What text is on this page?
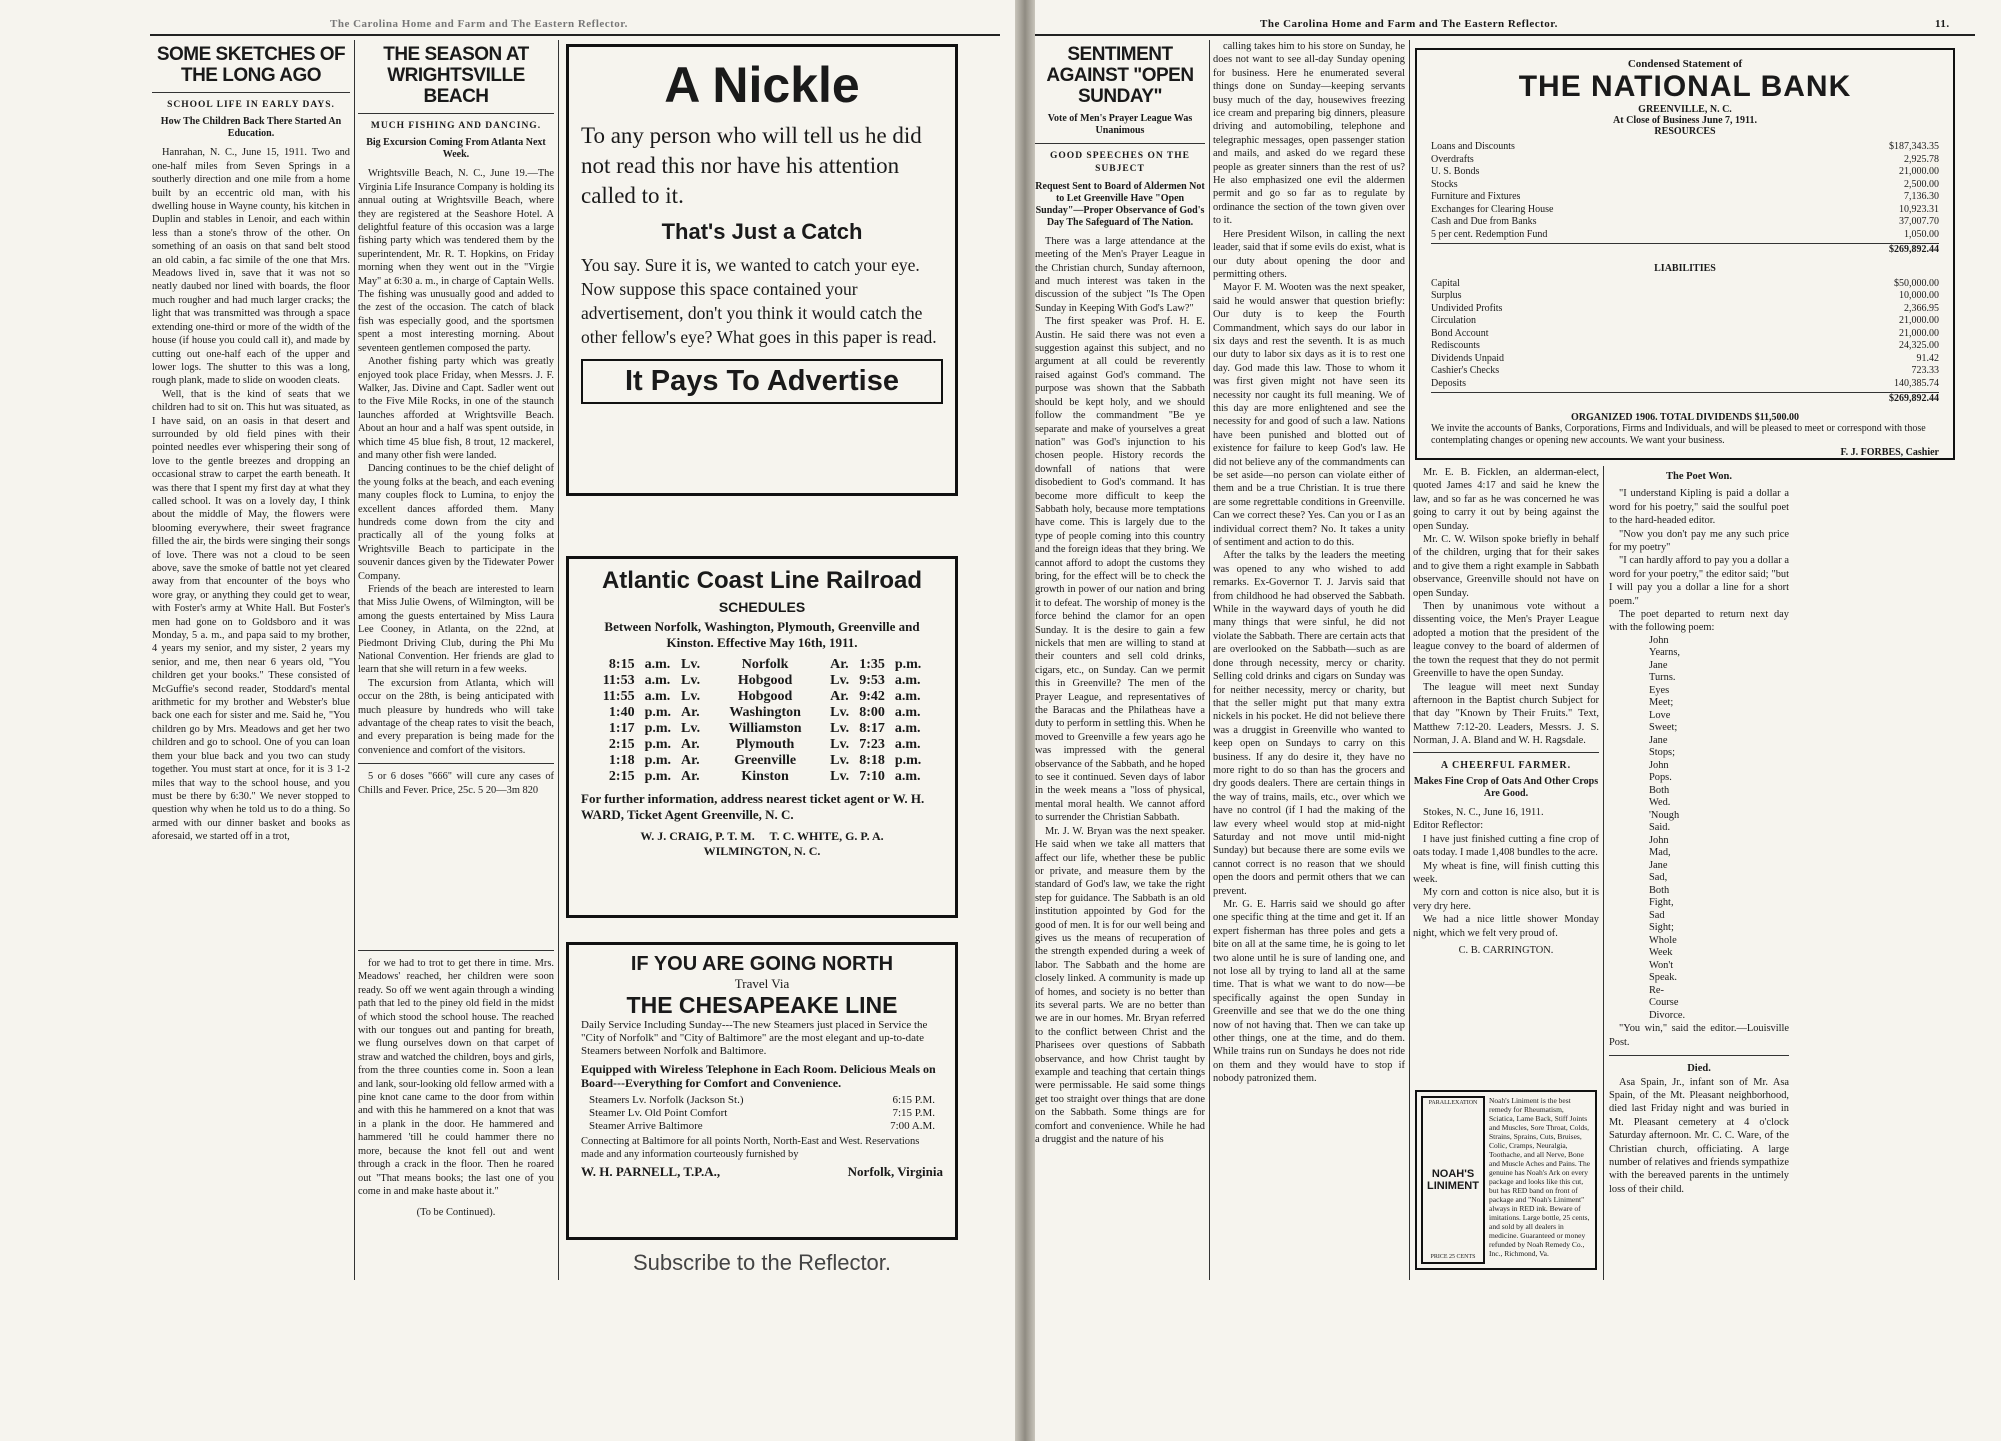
The Carolina Home and Farm and The Eastern Reflector.
SOME SKETCHES OF THE LONG AGO
SCHOOL LIFE IN EARLY DAYS.
How The Children Back There Started An Education.

Hanrahan, N. C., June 15, 1911. Two and one-half miles from Seven Springs in a southerly direction and one mile from a home built by an eccentric old man, with his dwelling house in Wayne county, his kitchen in Duplin and stables in Lenoir, and each within less than a stone's throw of the other. On something of an oasis on that sand belt stood an old cabin, a fac simile of the one that Mrs. Meadows lived in, save that it was not so neatly daubed nor lined with boards, the floor much rougher and had much larger cracks; the light that was transmitted was through a space extending one-third or more of the width of the house (if house you could call it), and made by cutting out one-half each of the upper and lower logs. The shutter to this was a long, rough plank, made to slide on wooden cleats.

Well, that is the kind of seats that we children had to sit on. This hut was situated, as I have said, on an oasis in that desert and surrounded by old field pines with their pointed needles ever whispering their song of love to the gentle breezes and dropping an occasional straw to carpet the earth beneath. It was there that I spent my first day at what they called school. It was on a lovely day, I think about the middle of May, the flowers were blooming everywhere, their sweet fragrance filled the air, the birds were singing their songs of love. There was not a cloud to be seen above, save the smoke of battle not yet cleared away from that encounter of the boys who wore gray, or anything they could get to wear, with Foster's army at White Hall. But Foster's men had gone on to Goldsboro and it was Monday, 5 a. m., and papa said to my brother, 4 years my senior, and my sister, 2 years my senior, and me, then near 6 years old, "You children get your books." These consisted of McGuffie's second reader, Stoddard's mental arithmetic for my brother and Webster's blue back one each for sister and me. Said he, "You children go by Mrs. Meadows and get her two children and go to school. One of you can loan them your blue back and you two can study together. You must start at once, for it is 3 1-2 miles that way to the school house, and you must be there by 6:30." We never stopped to question why when he told us to do a thing. So armed with our dinner basket and books as aforesaid, we started off in a trot,

THE SEASON AT WRIGHTSVILLE BEACH
MUCH FISHING AND DANCING.
Big Excursion Coming From Atlanta Next Week.

Wrightsville Beach, N. C., June 19.—The Virginia Life Insurance Company is holding its annual outing at Wrightsville Beach, where they are registered at the Seashore Hotel. A delightful feature of this occasion was a large fishing party which was tendered them by the superintendent, Mr. R. T. Hopkins, on Friday morning when they went out in the "Virgie May" at 6:30 a. m., in charge of Captain Wells. The fishing was unusually good and added to the zest of the occasion. The catch of black fish was especially good, and the sportsmen spent a most interesting morning. About seventeen gentlemen composed the party.

Another fishing party which was greatly enjoyed took place Friday, when Messrs. J. F. Walker, Jas. Divine and Capt. Sadler went out to the Five Mile Rocks, in one of the staunch launches afforded at Wrightsville Beach. About an hour and a half was spent outside, in which time 45 blue fish, 8 trout, 12 mackerel, and many other fish were landed.

Dancing continues to be the chief delight of the young folks at the beach, and each evening many couples flock to Lumina, to enjoy the excellent dances afforded them. Many hundreds come down from the city and practically all of the young folks at Wrightsville Beach to participate in the souvenir dances given by the Tidewater Power Company.

Friends of the beach are interested to learn that Miss Julie Owens, of Wilmington, will be among the guests entertained by Miss Laura Lee Cooney, in Atlanta, on the 22nd, at Piedmont Driving Club, during the Phi Mu National Convention. Her friends are glad to learn that she will return in a few weeks.

The excursion from Atlanta, which will occur on the 28th, is being anticipated with much pleasure by hundreds who will take advantage of the cheap rates to visit the beach, and every preparation is being made for the convenience and comfort of the visitors.

5 or 6 doses "666" will cure any cases of Chills and Fever. Price, 25c. 5 20—3m 820

for we had to trot to get there in time. Mrs. Meadows' reached, her children were soon ready. So off we went again through a winding path that led to the piney old field in the midst of which stood the school house. The reached with our tongues out and panting for breath, we flung ourselves down on that carpet of straw and watched the children, boys and girls, from the three counties come in. Soon a lean and lank, sour-looking old fellow armed with a pine knot cane came to the door from within and with this he hammered on a knot that was in a plank in the door. He hammered and hammered 'till he could hammer there no more, because the knot fell out and went through a crack in the floor. Then he roared out "That means books; the last one of you come in and make haste about it."

(To be Continued).
A Nickle
To any person who will tell us he did not read this nor have his attention called to it.
That's Just a Catch
You say. Sure it is, we wanted to catch your eye. Now suppose this space contained your advertisement, don't you think it would catch the other fellow's eye? What goes in this paper is read.
It Pays To Advertise
Atlantic Coast Line Railroad
SCHEDULES
Between Norfolk, Washington, Plymouth, Greenville and Kinston. Effective May 16th, 1911.
8:15	a.m.	Lv.	Norfolk	Ar.	1:35	p.m.
11:53	a.m.	Lv.	Hobgood	Lv.	9:53	a.m.
11:55	a.m.	Lv.	Hobgood	Ar.	9:42	a.m.
1:40	p.m.	Ar.	Washington	Lv.	8:00	a.m.
1:17	p.m.	Lv.	Williamston	Lv.	8:17	a.m.
2:15	p.m.	Ar.	Plymouth	Lv.	7:23	a.m.
1:18	p.m.	Ar.	Greenville	Lv.	8:18	p.m.
2:15	p.m.	Ar.	Kinston	Lv.	7:10	a.m.
For further information, address nearest ticket agent or W. H. WARD, Ticket Agent Greenville, N. C.
W. J. CRAIG, P. T. M.     T. C. WHITE, G. P. A.
WILMINGTON, N. C.
IF YOU ARE GOING NORTH
Travel Via
THE CHESAPEAKE LINE
Daily Service Including Sunday---The new Steamers just placed in Service the "City of Norfolk" and "City of Baltimore" are the most elegant and up-to-date Steamers between Norfolk and Baltimore.
Equipped with Wireless Telephone in Each Room. Delicious Meals on Board---Everything for Comfort and Convenience.
Steamers Lv. Norfolk (Jackson St.)	6:15 P.M.
Steamer Lv. Old Point Comfort	7:15 P.M.
Steamer Arrive Baltimore	7:00 A.M.
Connecting at Baltimore for all points North, North-East and West. Reservations made and any information courteously furnished by
W. H. PARNELL, T.P.A.,	Norfolk, Virginia
Subscribe to the Reflector.
The Carolina Home and Farm and The Eastern Reflector.	11.
SENTIMENT AGAINST "OPEN SUNDAY"
Vote of Men's Prayer League Was Unanimous
GOOD SPEECHES ON THE SUBJECT
Request Sent to Board of Aldermen Not to Let Greenville Have "Open Sunday"—Proper Observance of God's Day The Safeguard of The Nation.

There was a large attendance at the meeting of the Men's Prayer League in the Christian church, Sunday afternoon, and much interest was taken in the discussion of the subject "Is The Open Sunday in Keeping With God's Law?"

The first speaker was Prof. H. E. Austin. He said there was not even a suggestion against this subject, and no argument at all could be reverently raised against God's command. The purpose was shown that the Sabbath should be kept holy, and we should follow the commandment "Be ye separate and make of yourselves a great nation" was God's injunction to his chosen people. History records the downfall of nations that were disobedient to God's command. It has become more difficult to keep the Sabbath holy, because more temptations have come. This is largely due to the type of people coming into this country and the foreign ideas that they bring. We cannot afford to adopt the customs they bring, for the effect will be to check the growth in power of our nation and bring it to defeat. The worship of money is the force behind the clamor for an open Sunday. It is the desire to gain a few nickels that men are willing to stand at their counters and sell cold drinks, cigars, etc., on Sunday. Can we permit this in Greenville? The men of the Prayer League, and representatives of the Baracas and the Philatheas have a duty to perform in settling this. When he moved to Greenville a few years ago he was impressed with the general observance of the Sabbath, and he hoped to see it continued. Seven days of labor in the week means a "loss of physical, mental moral health. We cannot afford to surrender the Christian Sabbath.

Mr. J. W. Bryan was the next speaker. He said when we take all matters that affect our life, whether these be public or private, and measure them by the standard of God's law, we take the right step for guidance. The Sabbath is an old institution appointed by God for the good of men. It is for our well being and gives us the means of recuperation of the strength expended during a week of labor. The Sabbath and the home are closely linked. A community is made up of homes, and society is no better than its several parts. We are no better than we are in our homes. Mr. Bryan referred to the conflict between Christ and the Pharisees over questions of Sabbath observance, and how Christ taught by example and teaching that certain things were permissable. He said some things get too straight over things that are done on the Sabbath. Some things are for comfort and convenience. While he had a druggist and the nature of his

calling takes him to his store on Sunday, he does not want to see all-day Sunday opening for business. Here he enumerated several things done on Sunday—keeping servants busy much of the day, housewives freezing ice cream and preparing big dinners, pleasure driving and automobiling, telephone and telegraphic messages, open passenger station and mails, and asked do we regard these people as greater sinners than the rest of us? He also emphasized one evil the aldermen permit and go so far as to regulate by ordinance the section of the town given over to it.

Here President Wilson, in calling the next leader, said that if some evils do exist, what is our duty about opening the door and permitting others.

Mayor F. M. Wooten was the next speaker, said he would answer that question briefly: Our duty is to keep the Fourth Commandment, which says do our labor in six days and rest the seventh. It is as much our duty to labor six days as it is to rest one day. God made this law. Those to whom it was first given might not have seen its necessity nor caught its full meaning. We of this day are more enlightened and see the necessity for and good of such a law. Nations have been punished and blotted out of existence for failure to keep God's law. He did not believe any of the commandments can be set aside—no person can violate either of them and be a true Christian. It is true there are some regrettable conditions in Greenville. Can we correct these? Yes. Can you or I as an individual correct them? No. It takes a unity of sentiment and action to do this.

After the talks by the leaders the meeting was opened to any who wished to add remarks. Ex-Governor T. J. Jarvis said that from childhood he had observed the Sabbath. While in the wayward days of youth he did many things that were sinful, he did not violate the Sabbath. There are certain acts that are overlooked on the Sabbath—such as are done through necessity, mercy or charity. Selling cold drinks and cigars on Sunday was for neither necessity, mercy or charity, but that the seller might put that many extra nickels in his pocket. He did not believe there was a druggist in Greenville who wanted to keep open on Sundays to carry on this business. If any do desire it, they have no more right to do so than has the grocers and dry goods dealers. There are certain things in the way of trains, mails, etc., over which we have no control (if I had the making of the law every wheel would stop at mid-night Saturday and not move until mid-night Sunday) but because there are some evils we cannot correct is no reason that we should open the doors and permit others that we can prevent.

Mr. G. E. Harris said we should go after one specific thing at the time and get it. If an expert fisherman has three poles and gets a bite on all at the same time, he is going to let two alone until he is sure of landing one, and not lose all by trying to land all at the same time. That is what we want to do now—be specifically against the open Sunday in Greenville and see that we do the one thing now of not having that. Then we can take up other things, one at the time, and do them. While trains run on Sundays he does not ride on them and they would have to stop if nobody patronized them.

Condensed Statement of
THE NATIONAL BANK
GREENVILLE, N. C.
At Close of Business June 7, 1911.
RESOURCES
Loans and Discounts	$187,343.35
Overdrafts	2,925.78
U. S. Bonds	21,000.00
Stocks	2,500.00
Furniture and Fixtures	7,136.30
Exchanges for Clearing House	10,923.31
Cash and Due from Banks	37,007.70
5 per cent. Redemption Fund	1,050.00
$269,892.44
LIABILITIES
Capital	$50,000.00
Surplus	10,000.00
Undivided Profits	2,366.95
Circulation	21,000.00
Bond Account	21,000.00
Rediscounts	24,325.00
Dividends Unpaid	91.42
Cashier's Checks	723.33
Deposits	140,385.74
$269,892.44
ORGANIZED 1906. TOTAL DIVIDENDS $11,500.00
We invite the accounts of Banks, Corporations, Firms and Individuals, and will be pleased to meet or correspond with those contemplating changes or opening new accounts. We want your business.
F. J. FORBES, Cashier

Mr. E. B. Ficklen, an alderman-elect, quoted James 4:17 and said he knew the law, and so far as he was concerned he was going to carry it out by being against the open Sunday.

Mr. C. W. Wilson spoke briefly in behalf of the children, urging that for their sakes and to give them a right example in Sabbath observance, Greenville should not have on open Sunday.

Then by unanimous vote without a dissenting voice, the Men's Prayer League adopted a motion that the president of the league convey to the board of aldermen of the town the request that they do not permit Greenville to have the open Sunday.

The league will meet next Sunday afternoon in the Baptist church Subject for that day "Known by Their Fruits." Text, Matthew 7:12-20. Leaders, Messrs. J. S. Norman, J. A. Bland and W. H. Ragsdale.

A CHEERFUL FARMER.
Makes Fine Crop of Oats And Other Crops Are Good.

Stokes, N. C., June 16, 1911.

Editor Reflector:

I have just finished cutting a fine crop of oats today. I made 1,408 bundles to the acre.

My wheat is fine, will finish cutting this week.

My corn and cotton is nice also, but it is very dry here.

We had a nice little shower Monday night, which we felt very proud of.

C. B. CARRINGTON.
PARALLEXATION
NOAH'S LINIMENT
PRICE 25 CENTS
Noah's Liniment is the best remedy for Rheumatism, Sciatica, Lame Back, Stiff Joints and Muscles, Sore Throat, Colds, Strains, Sprains, Cuts, Bruises, Colic, Cramps, Neuralgia, Toothache, and all Nerve, Bone and Muscle Aches and Pains. The genuine has Noah's Ark on every package and looks like this cut, but has RED band on front of package and "Noah's Liniment" always in RED ink. Beware of imitations. Large bottle, 25 cents, and sold by all dealers in medicine. Guaranteed or money refunded by Noah Remedy Co., Inc., Richmond, Va.
The Poet Won.

"I understand Kipling is paid a dollar a word for his poetry," said the soulful poet to the hard-headed editor.

"Now you don't pay me any such price for my poetry"

"I can hardly afford to pay you a dollar a word for your poetry," the editor said; "but I will pay you a dollar a line for a short poem."

The poet departed to return next day with the following poem:

John
Yearns,
Jane
Turns.
Eyes
Meet;
Love
Sweet;
Jane
Stops;
John
Pops.
Both
Wed.
'Nough
Said.
John
Mad,
Jane
Sad,
Both
Fight,
Sad
Sight;
Whole
Week
Won't
Speak.
Re-
Course
Divorce.

"You win," said the editor.—Louisville Post.

Died.

Asa Spain, Jr., infant son of Mr. Asa Spain, of the Mt. Pleasant neighborhood, died last Friday night and was buried in Mt. Pleasant cemetery at 4 o'clock Saturday afternoon. Mr. C. C. Ware, of the Christian church, officiating. A large number of relatives and friends sympathize with the bereaved parents in the untimely loss of their child.
